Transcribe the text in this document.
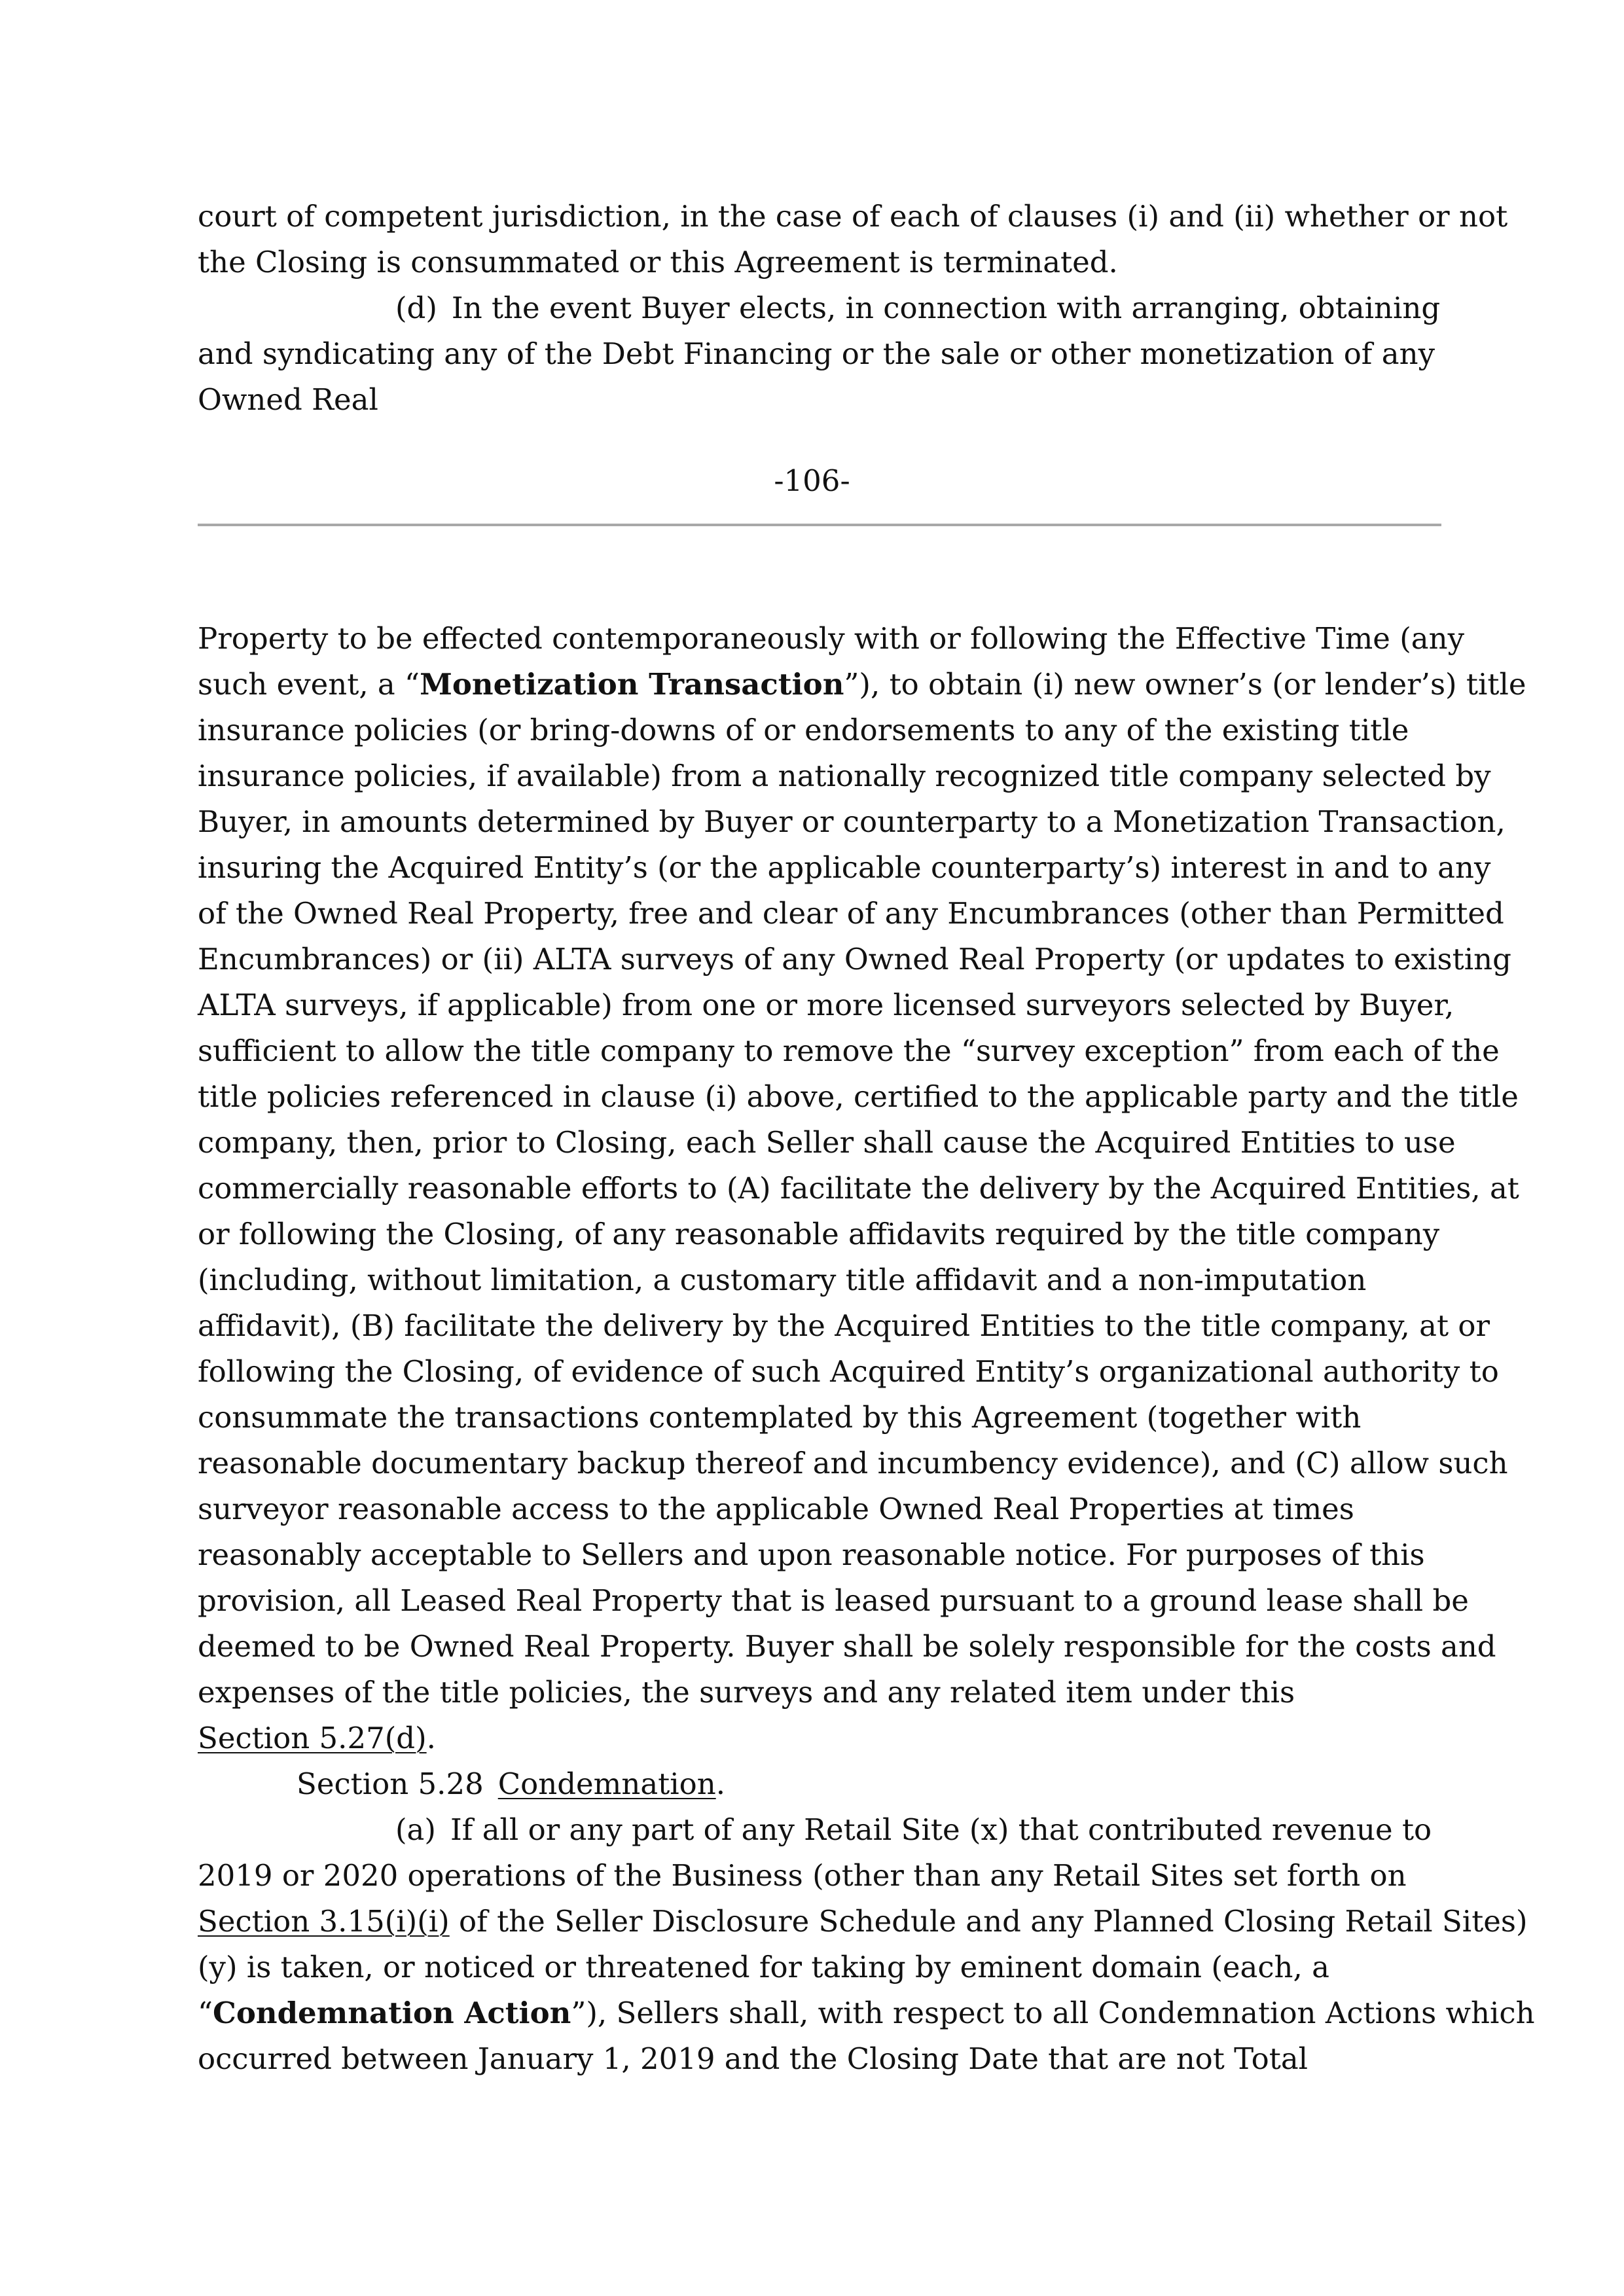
court of competent jurisdiction, in the case of each of clauses (i) and (ii) whether or not
the Closing is consummated or this Agreement is terminated.
(d) In the event Buyer elects, in connection with arranging, obtaining
and syndicating any of the Debt Financing or the sale or other monetization of any
Owned Real
-106-
Property to be effected contemporaneously with or following the Effective Time (any
such event, a “Monetization Transaction”), to obtain (i) new owner’s (or lender’s) title
insurance policies (or bring-downs of or endorsements to any of the existing title
insurance policies, if available) from a nationally recognized title company selected by
Buyer, in amounts determined by Buyer or counterparty to a Monetization Transaction,
insuring the Acquired Entity’s (or the applicable counterparty’s) interest in and to any
of the Owned Real Property, free and clear of any Encumbrances (other than Permitted
Encumbrances) or (ii) ALTA surveys of any Owned Real Property (or updates to existing
ALTA surveys, if applicable) from one or more licensed surveyors selected by Buyer,
sufficient to allow the title company to remove the “survey exception” from each of the
title policies referenced in clause (i) above, certified to the applicable party and the title
company, then, prior to Closing, each Seller shall cause the Acquired Entities to use
commercially reasonable efforts to (A) facilitate the delivery by the Acquired Entities, at
or following the Closing, of any reasonable affidavits required by the title company
(including, without limitation, a customary title affidavit and a non-imputation
affidavit), (B) facilitate the delivery by the Acquired Entities to the title company, at or
following the Closing, of evidence of such Acquired Entity’s organizational authority to
consummate the transactions contemplated by this Agreement (together with
reasonable documentary backup thereof and incumbency evidence), and (C) allow such
surveyor reasonable access to the applicable Owned Real Properties at times
reasonably acceptable to Sellers and upon reasonable notice. For purposes of this
provision, all Leased Real Property that is leased pursuant to a ground lease shall be
deemed to be Owned Real Property. Buyer shall be solely responsible for the costs and
expenses of the title policies, the surveys and any related item under this
Section 5.27(d).
Section 5.28 Condemnation.
(a) If all or any part of any Retail Site (x) that contributed revenue to
2019 or 2020 operations of the Business (other than any Retail Sites set forth on
Section 3.15(i)(i) of the Seller Disclosure Schedule and any Planned Closing Retail Sites)
(y) is taken, or noticed or threatened for taking by eminent domain (each, a
“Condemnation Action”), Sellers shall, with respect to all Condemnation Actions which
occurred between January 1, 2019 and the Closing Date that are not Total
